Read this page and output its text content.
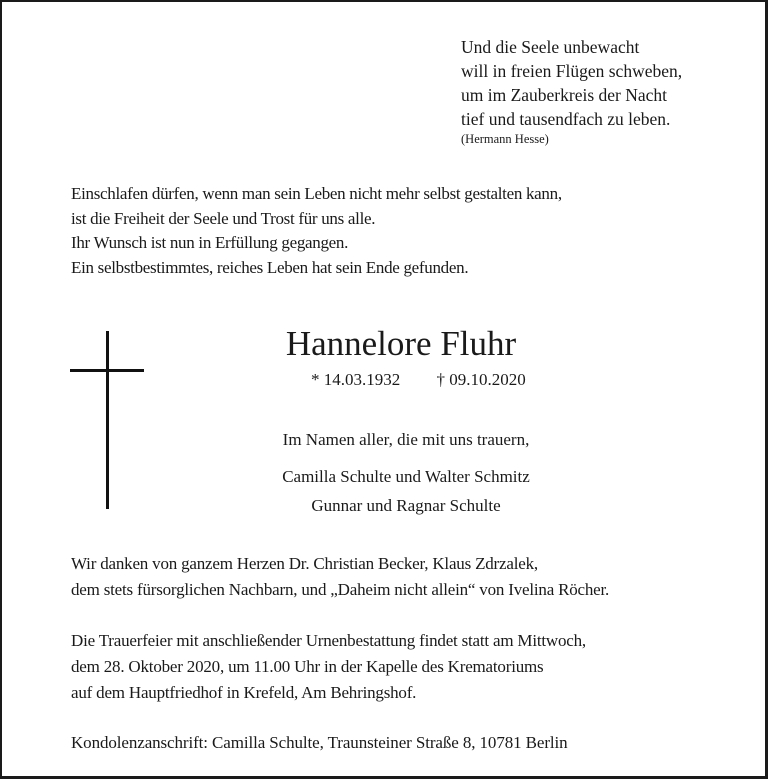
Und die Seele unbewacht
will in freien Flügen schweben,
um im Zauberkreis der Nacht
tief und tausendfach zu leben.
(Hermann Hesse)
Einschlafen dürfen, wenn man sein Leben nicht mehr selbst gestalten kann,
ist die Freiheit der Seele und Trost für uns alle.
Ihr Wunsch ist nun in Erfüllung gegangen.
Ein selbstbestimmtes, reiches Leben hat sein Ende gefunden.
Hannelore Fluhr
* 14.03.1932 † 09.10.2020
Im Namen aller, die mit uns trauern,
Camilla Schulte und Walter Schmitz
Gunnar und Ragnar Schulte
Wir danken von ganzem Herzen Dr. Christian Becker, Klaus Zdrzalek,
dem stets fürsorglichen Nachbarn, und „Daheim nicht allein“ von Ivelina Röcher.
Die Trauerfeier mit anschließender Urnenbestattung findet statt am Mittwoch,
dem 28. Oktober 2020, um 11.00 Uhr in der Kapelle des Krematoriums
auf dem Hauptfriedhof in Krefeld, Am Behringshof.
Kondolenzanschrift: Camilla Schulte, Traunsteiner Straße 8, 10781 Berlin
